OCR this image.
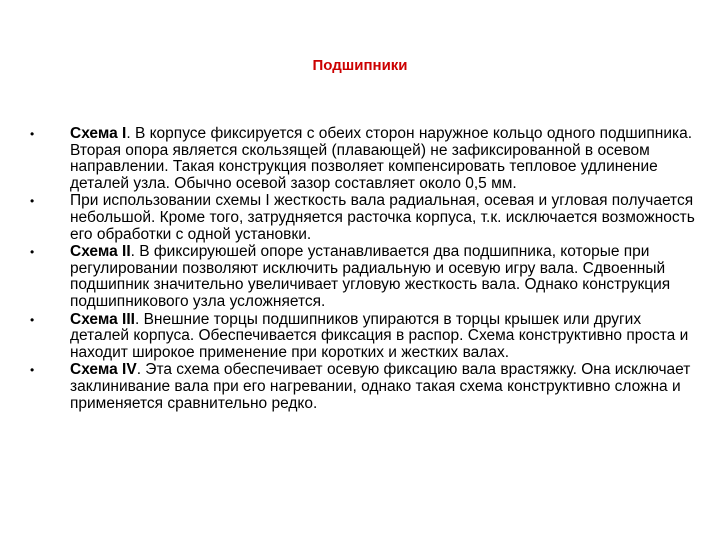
Подшипники
•	Схема I. В корпусе фиксируется с обеих сторон наружное кольцо одного подшипника. Вторая опора является скользящей (плавающей) не зафиксированной в осевом направлении. Такая конструкция позволяет компенсировать тепловое удлинение деталей узла. Обычно осевой зазор составляет около 0,5 мм.
•	При использовании схемы I жесткость вала радиальная, осевая и угловая получается небольшой. Кроме того, затрудняется расточка корпуса, т.к. исключается возможность его обработки с одной установки.
•	Схема II. В фиксируюшей опоре устанавливается два подшипника, которые при регулировании позволяют исключить радиальную и осевую игру вала. Сдвоенный подшипник значительно увеличивает угловую жесткость вала. Однако конструкция подшипникового узла усложняется.
•	Схема III. Внешние торцы подшипников упираются в торцы крышек или других деталей корпуса. Обеспечивается фиксация в распор. Схема конструктивно проста и находит широкое применение при коротких и жестких валах.
•	Схема IV. Эта схема обеспечивает осевую фиксацию вала врастяжку. Она исключает заклинивание вала при его нагревании, однако такая схема конструктивно сложна и применяется сравнительно редко.
